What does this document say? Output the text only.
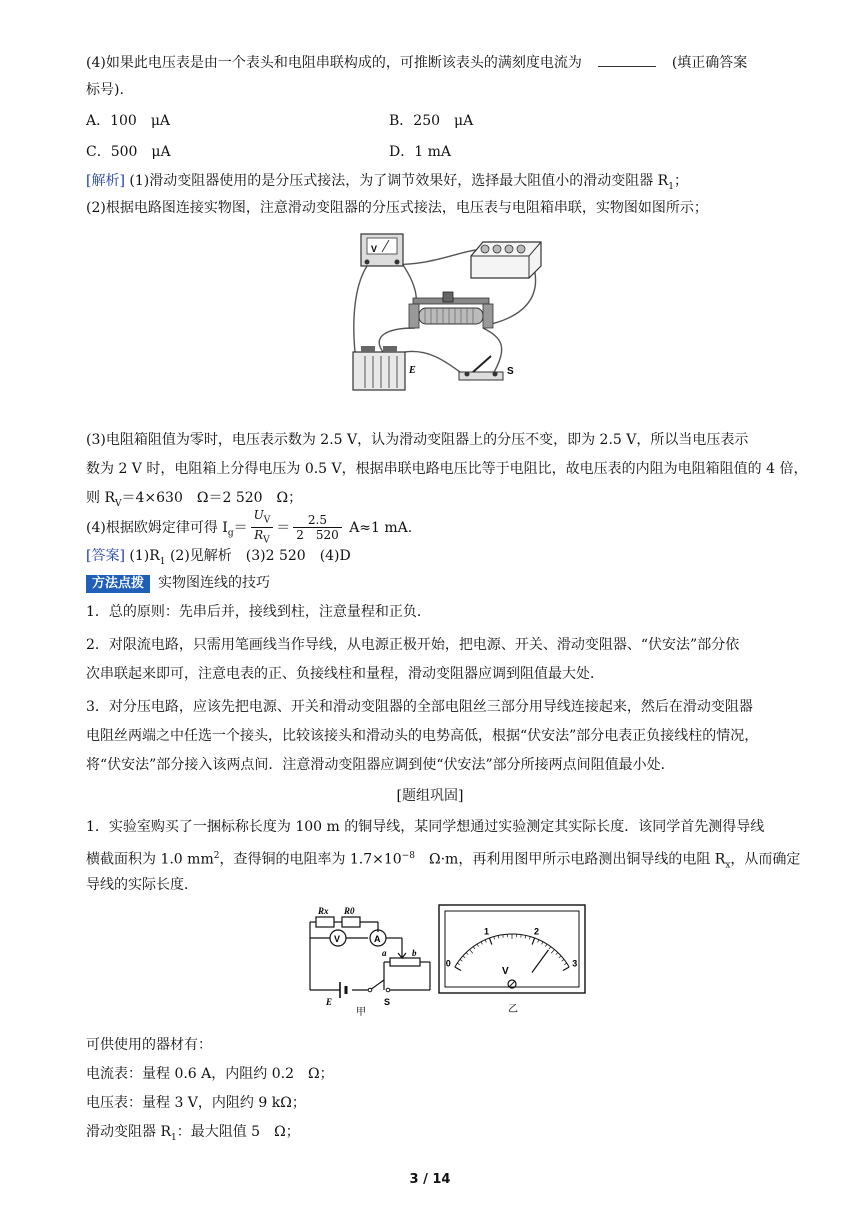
(4)如果此电压表是由一个表头和电阻串联构成的，可推断该表头的满刻度电流为	(填正确答案
标号).
A．100　μA	B．250　μA
C．500　μA	D．1 mA
[解析] (1)滑动变阻器使用的是分压式接法，为了调节效果好，选择最大阻值小的滑动变阻器 $R_1$；
(2)根据电路图连接实物图，注意滑动变阻器的分压式接法，电压表与电阻箱串联，实物图如图所示；
V
E	S
(3)电阻箱阻值为零时，电压表示数为 2.5 V，认为滑动变阻器上的分压不变，即为 2.5 V，所以当电压表示
数为 2 V 时，电阻箱上分得电压为 0.5 V，根据串联电路电压比等于电阻比，故电压表的内阻为电阻箱阻值的 4 倍，
则 $R_V=4\times 630$　Ω＝2 520　Ω；
(4)根据欧姆定律可得 $I_g= \frac{U_V}{R_V} = \frac{2.5}{2 520} A\approx 1$ mA.
[答案] $(1)R_1$ (2)见解析　(3)2 520　(4)D
方法点拨 实物图连线的技巧
1．总的原则：先串后并，接线到柱，注意量程和正负．
2．对限流电路，只需用笔画线当作导线，从电源正极开始，把电源、开关、滑动变阻器、“伏安法”部分依
次串联起来即可，注意电表的正、负接线柱和量程，滑动变阻器应调到阻值最大处．
3．对分压电路，应该先把电源、开关和滑动变阻器的全部电阻丝三部分用导线连接起来，然后在滑动变阻器
电阻丝两端之中任选一个接头，比较该接头和滑动头的电势高低，根据“伏安法”部分电表正负接线柱的情况，
将“伏安法”部分接入该两点间．注意滑动变阻器应调到使“伏安法”部分所接两点间阻值最小处．
[题组巩固]
1．实验室购买了一捆标称长度为 100 m 的铜导线，某同学想通过实验测定其实际长度．该同学首先测得导线
横截面积为 1.0 $mm^2$，查得铜的电阻率为 $1.7\times 10^{-8}$　Ω·m，再利用图甲所示电路测出铜导线的电阻 $R_x$，从而确定
导线的实际长度．
Rx R0
V	A
a	b
E	S
甲
0
1	2
3
V
乙
可供使用的器材有：
电流表：量程 0.6 A，内阻约 0.2　Ω；
电压表：量程 3 V，内阻约 9 kΩ；
滑动变阻器 $R_1$：最大阻值 5　Ω；
3 / 14
